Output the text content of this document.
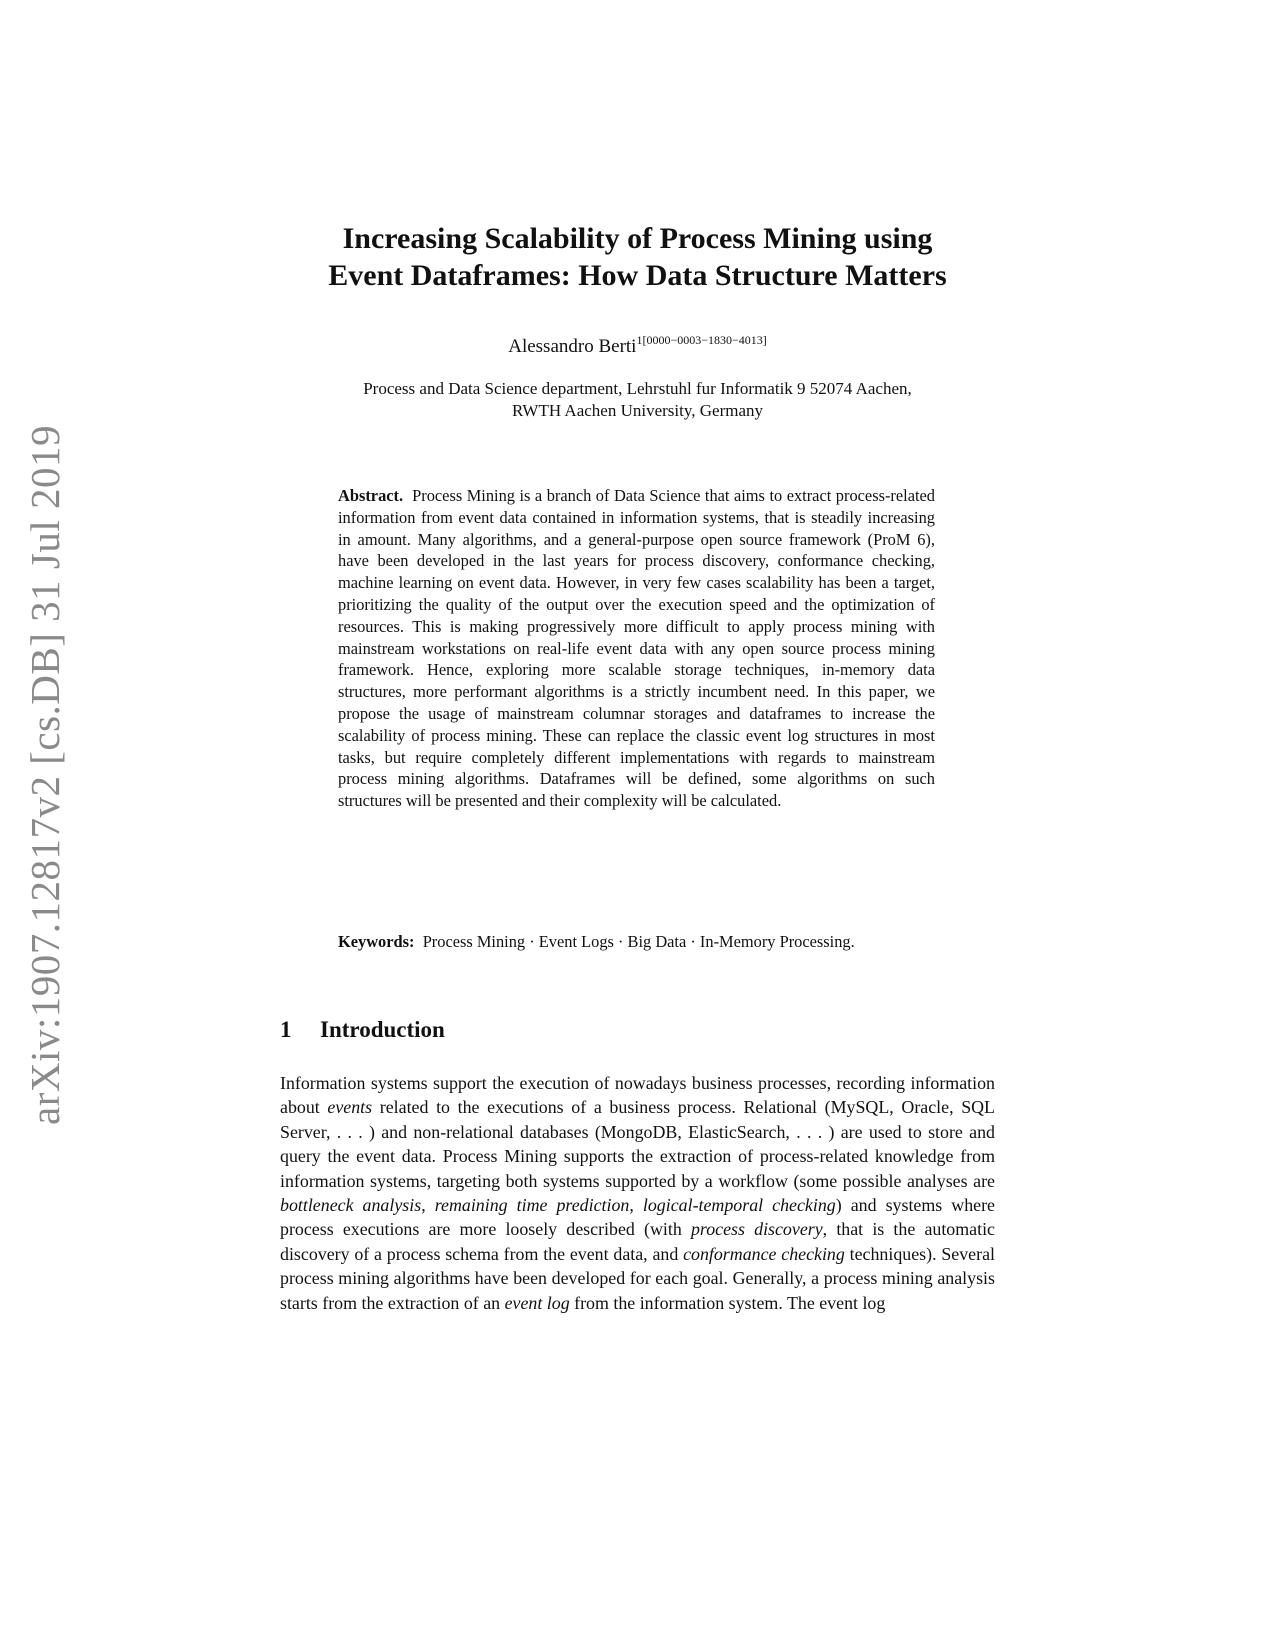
arXiv:1907.12817v2 [cs.DB] 31 Jul 2019
Increasing Scalability of Process Mining using
Event Dataframes: How Data Structure Matters
Alessandro Berti$^{1[0000-0003-1830-4013]}$
Process and Data Science department, Lehrstuhl fur Informatik 9 52074 Aachen,
RWTH Aachen University, Germany

Abstract. Process Mining is a branch of Data Science that aims to extract process-related information from event data contained in information systems, that is steadily increasing in amount. Many algorithms, and a general-purpose open source framework (ProM 6), have been developed in the last years for process discovery, conformance checking, machine learning on event data. However, in very few cases scalability has been a target, prioritizing the quality of the output over the execution speed and the optimization of resources. This is making progressively more difficult to apply process mining with mainstream workstations on real-life event data with any open source process mining framework. Hence, exploring more scalable storage techniques, in-memory data structures, more performant algorithms is a strictly incumbent need. In this paper, we propose the usage of mainstream columnar storages and dataframes to increase the scalability of process mining. These can replace the classic event log structures in most tasks, but require completely different implementations with regards to mainstream process mining algorithms. Dataframes will be defined, some algorithms on such structures will be presented and their complexity will be calculated.

Keywords: Process Mining · Event Logs · Big Data · In-Memory Processing.

1 Introduction

Information systems support the execution of nowadays business processes, recording information about events related to the executions of a business process. Relational (MySQL, Oracle, SQL Server, . . . ) and non-relational databases (MongoDB, ElasticSearch, . . . ) are used to store and query the event data. Process Mining supports the extraction of process-related knowledge from information systems, targeting both systems supported by a workflow (some possible analyses are bottleneck analysis, remaining time prediction, logical-temporal checking) and systems where process executions are more loosely described (with process discovery, that is the automatic discovery of a process schema from the event data, and conformance checking techniques). Several process mining algorithms have been developed for each goal. Generally, a process mining analysis starts from the extraction of an event log from the information system. The event log
